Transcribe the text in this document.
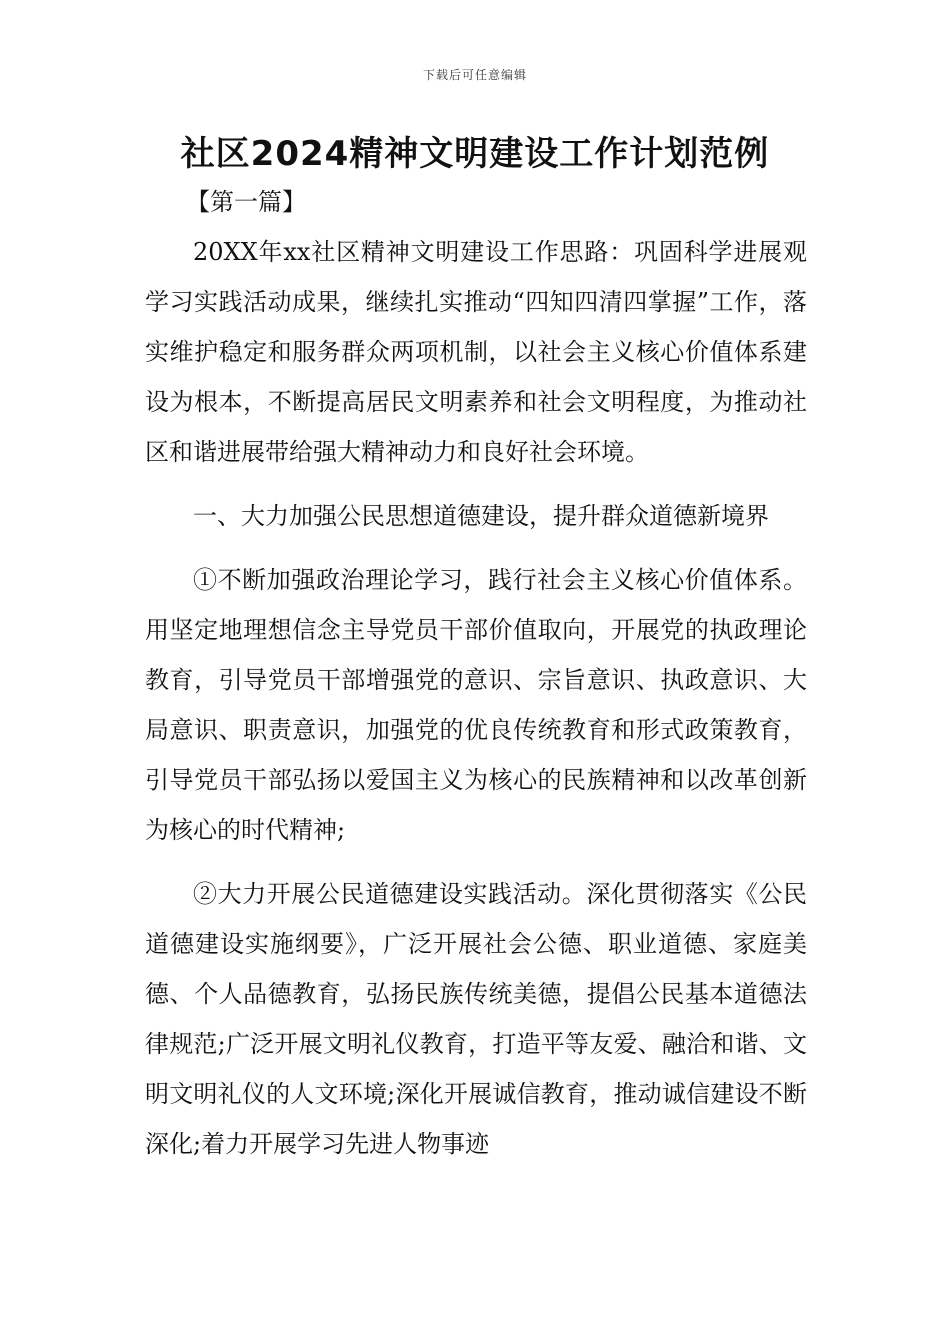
下载后可任意编辑
社区2024精神文明建设工作计划范例
【第一篇】

20XX年xx社区精神文明建设工作思路：巩固科学进展观学习实践活动成果，继续扎实推动“四知四清四掌握”工作，落实维护稳定和服务群众两项机制，以社会主义核心价值体系建设为根本，不断提高居民文明素养和社会文明程度，为推动社区和谐进展带给强大精神动力和良好社会环境。

一、大力加强公民思想道德建设，提升群众道德新境界

①不断加强政治理论学习，践行社会主义核心价值体系。用坚定地理想信念主导党员干部价值取向，开展党的执政理论教育，引导党员干部增强党的意识、宗旨意识、执政意识、大局意识、职责意识，加强党的优良传统教育和形式政策教育，引导党员干部弘扬以爱国主义为核心的民族精神和以改革创新为核心的时代精神;

②大力开展公民道德建设实践活动。深化贯彻落实《公民道德建设实施纲要》，广泛开展社会公德、职业道德、家庭美德、个人品德教育，弘扬民族传统美德，提倡公民基本道德法律规范;广泛开展文明礼仪教育，打造平等友爱、融洽和谐、文明文明礼仪的人文环境;深化开展诚信教育，推动诚信建设不断深化;着力开展学习先进人物事迹
